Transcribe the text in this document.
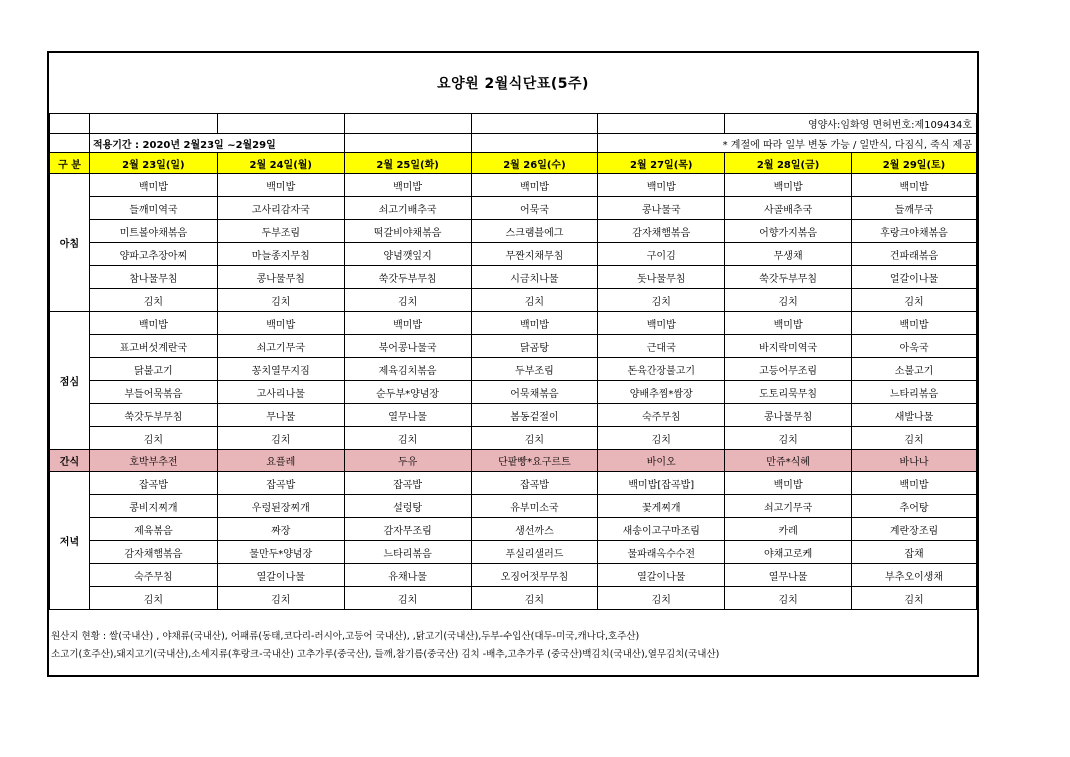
요양원 2월식단표(5주)
						영양사:임화영 면허번호:제109434호	
	적용기간 : 2020년 2월23일 ~2월29일				* 계절에 따라 일부 변동 가능 / 일반식, 다짐식, 죽식 제공		
구 분	2월 23일(일)	2월 24일(월)	2월 25일(화)	2월 26일(수)	2월 27일(목)	2월 28일(금)	2월 29일(토)
아침	백미밥	백미밥	백미밥	백미밥	백미밥	백미밥	백미밥
	들깨미역국	고사리감자국	쇠고기배추국	어묵국	콩나물국	사골배추국	들깨무국
	미트볼야채볶음	두부조림	떡갈비야채볶음	스크램블에그	감자채햄볶음	어향가지볶음	후랑크야채볶음
	양파고추장아찌	마늘종지무침	양념깻잎지	무짠지채무침	구이김	무생채	건파래볶음
	참나물무침	콩나물무침	쑥갓두부무침	시금치나물	돗나물무침	쑥갓두부무침	얼갈이나물
	김치	김치	김치	김치	김치	김치	김치
점심	백미밥	백미밥	백미밥	백미밥	백미밥	백미밥	백미밥
	표고버섯계란국	쇠고기무국	북어콩나물국	닭곰탕	근대국	바지락미역국	아욱국
	닭불고기	꽁치열무지짐	제육김치볶음	두부조림	돈육간장불고기	고등어무조림	소불고기
	부들어묵볶음	고사리나물	순두부*양념장	어묵채볶음	양배추찜*쌈장	도토리묵무침	느타리볶음
	쑥갓두부무침	무나물	열무나물	봄동겉절이	숙주무침	콩나물무침	새발나물
	김치	김치	김치	김치	김치	김치	김치
간식	호박부추전	요플레	두유	단팥빵*요구르트	바이오	만쥬*식혜	바나나
저녁	잡곡밥	잡곡밥	잡곡밥	잡곡밥	백미밥[잡곡밥]	백미밥	백미밥
	콩비지찌개	우렁된장찌개	설렁탕	유부미소국	꽃게찌개	쇠고기무국	추어탕
	제육볶음	짜장	감자무조림	생선까스	새송이고구마조림	카레	계란장조림
	감자채햄볶음	물만두*양념장	느타리볶음	푸실리샐러드	물파래옥수수전	야채고로케	잡채
	숙주무침	열갈이나물	유채나물	오징어젓무무침	열갈이나물	열무나물	부추오이생채
	김치	김치	김치	김치	김치	김치	김치
원산지 현황 : 쌀(국내산) , 야채류(국내산), 어패류(동태,코다리-러시아,고등어 국내산), ,닭고기(국내산),두부-수입산(대두-미국,캐나다,호주산)
소고기(호주산),돼지고기(국내산),소세지류(후랑크-국내산) 고추가루(중국산), 들깨,참기름(중국산) 김치 -배추,고추가루 (중국산)백김치(국내산),열무김치(국내산)
